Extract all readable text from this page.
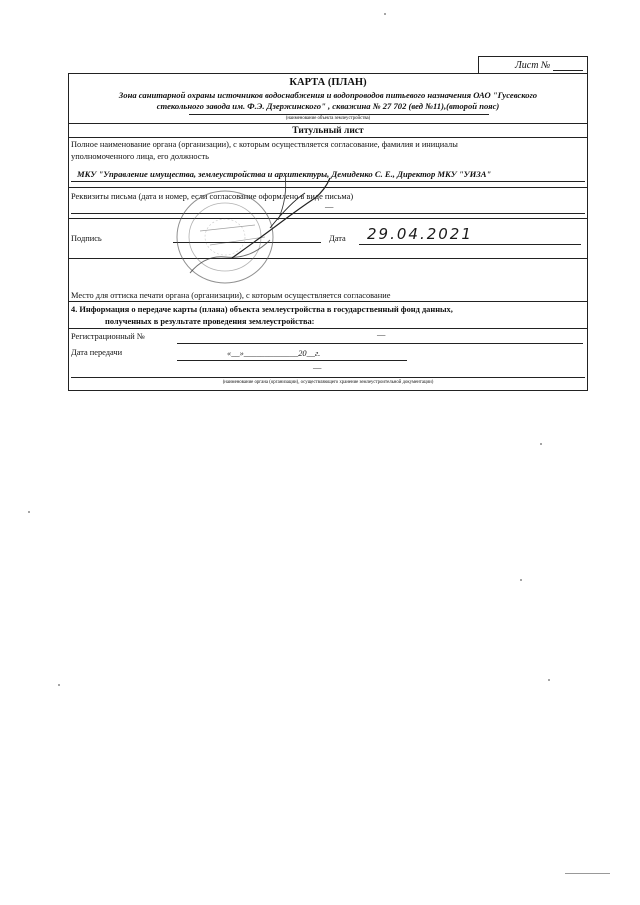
Лист №
КАРТА (ПЛАН)
Зона санитарной охраны источников водоснабжения и водопроводов питьевого назначения ОАО "Гусевского
стекольного завода им. Ф.Э. Дзержинского" , скважина № 27 702 (вед №11),(второй пояс)
(наименование объекта землеустройства)
Титульный лист
Полное наименование органа (организации), с которым осуществляется согласование, фамилия и инициалы
уполномоченного лица, его должность
МКУ "Управление имущества, землеустройства и архитектуры, Демиденко С. Е., Директор МКУ "УИЗА"
Реквизиты письма (дата и номер, если согласование оформлено в виде письма)
—
Подпись	Дата 29.04.2021
Место для оттиска печати органа (организации), с которым осуществляется согласование
4. Информация о передаче карты (плана) объекта землеустройства в государственный фонд данных,
полученных в результате проведения землеустройства:
Регистрационный №	—
Дата передачи	«__»_____________20__г.
—
(наименование органа (организации), осуществляющего хранение землеустроительной документации)
